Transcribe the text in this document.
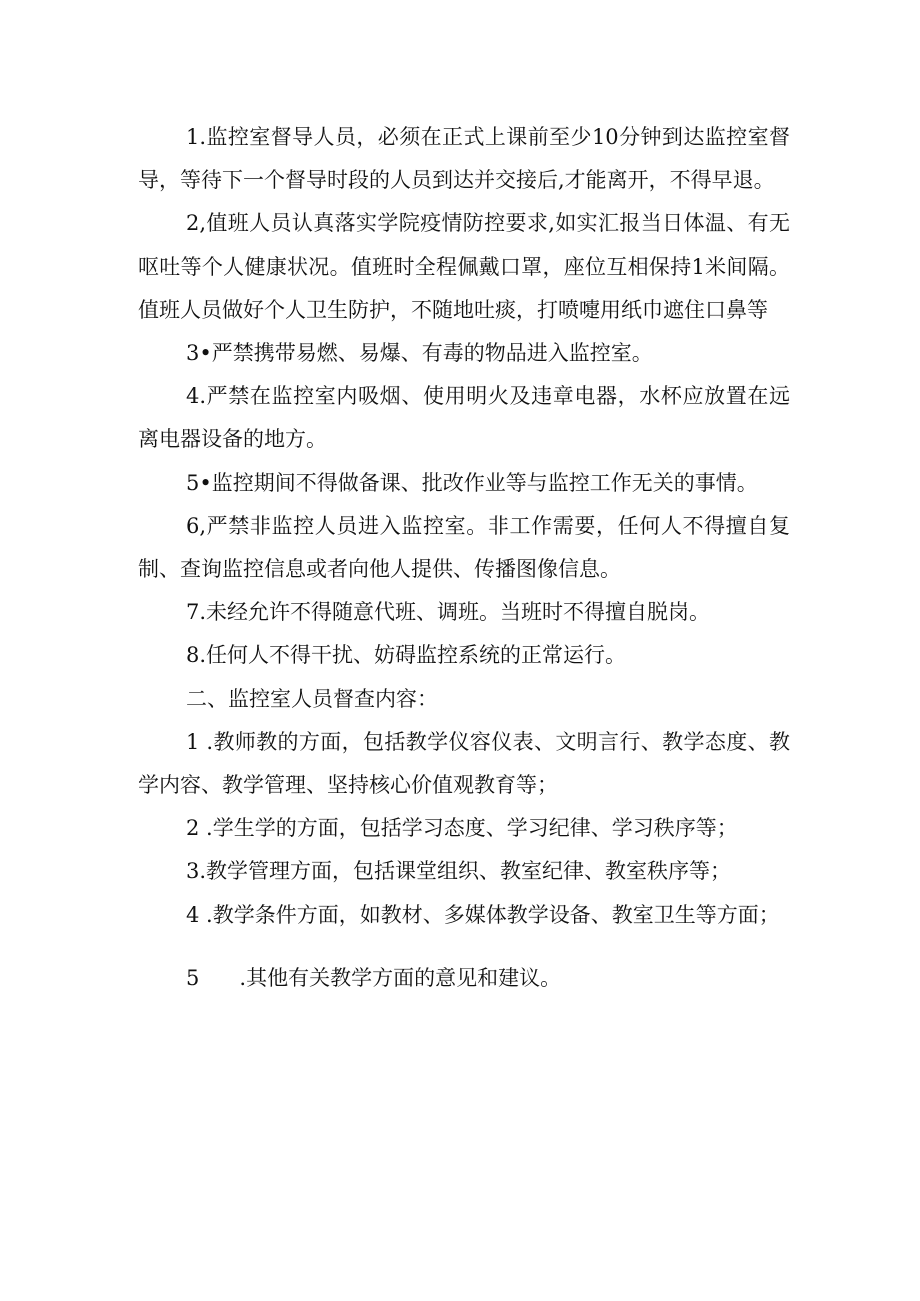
1.监控室督导人员，必须在正式上课前至少10分钟到达监控室督导，等待下一个督导时段的人员到达并交接后,才能离开，不得早退。

2,值班人员认真落实学院疫情防控要求,如实汇报当日体温、有无呕吐等个人健康状况。值班时全程佩戴口罩，座位互相保持1米间隔。值班人员做好个人卫生防护，不随地吐痰，打喷嚏用纸巾遮住口鼻等

3•严禁携带易燃、易爆、有毒的物品进入监控室。

4.严禁在监控室内吸烟、使用明火及违章电器，水杯应放置在远离电器设备的地方。

5•监控期间不得做备课、批改作业等与监控工作无关的事情。

6,严禁非监控人员进入监控室。非工作需要，任何人不得擅自复制、查询监控信息或者向他人提供、传播图像信息。

7.未经允许不得随意代班、调班。当班时不得擅自脱岗。

8.任何人不得干扰、妨碍监控系统的正常运行。

二、监控室人员督查内容：

1 .教师教的方面，包括教学仪容仪表、文明言行、教学态度、教学内容、教学管理、坚持核心价值观教育等；

2 .学生学的方面，包括学习态度、学习纪律、学习秩序等；

3.教学管理方面，包括课堂组织、教室纪律、教室秩序等；

4 .教学条件方面，如教材、多媒体教学设备、教室卫生等方面；

5      .其他有关教学方面的意见和建议。
